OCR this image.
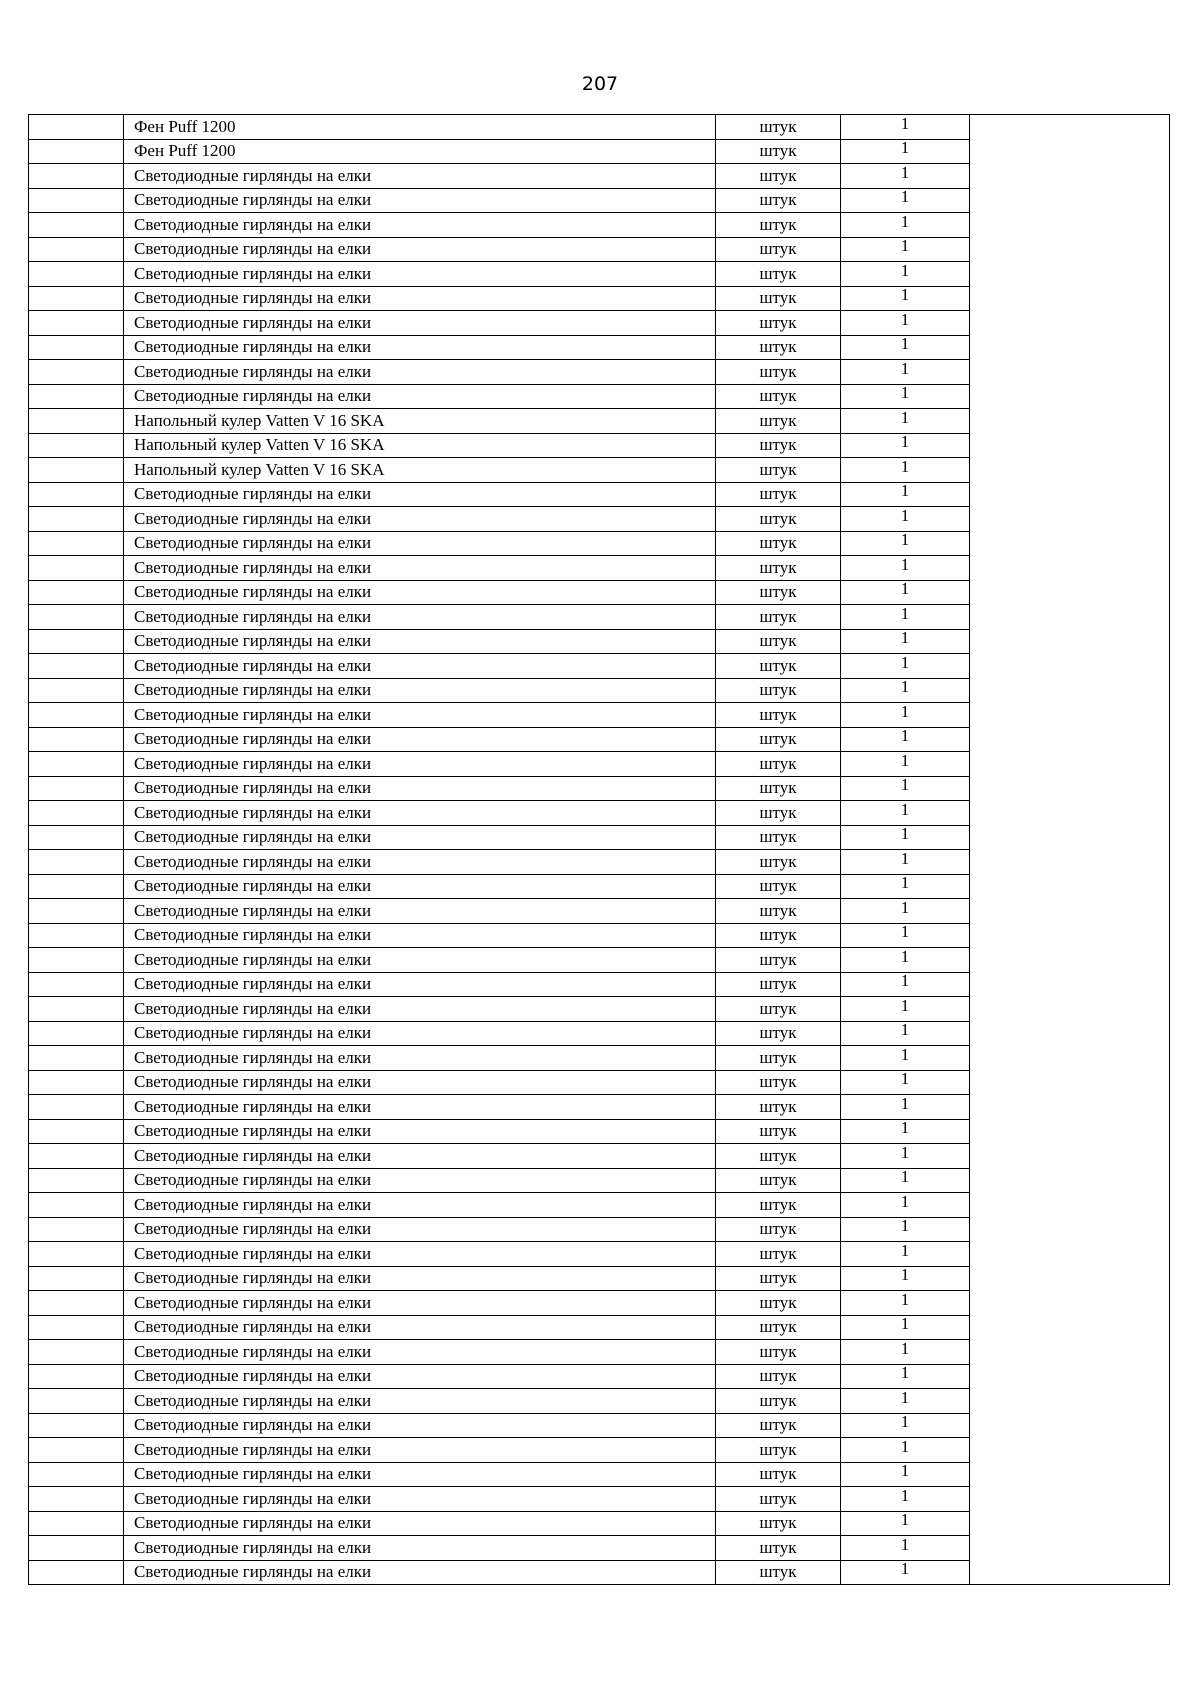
207
	Фен Puff 1200	штук	1	
	Фен Puff 1200	штук	1	
	Светодиодные гирлянды на елки	штук	1	
	Светодиодные гирлянды на елки	штук	1	
	Светодиодные гирлянды на елки	штук	1	
	Светодиодные гирлянды на елки	штук	1	
	Светодиодные гирлянды на елки	штук	1	
	Светодиодные гирлянды на елки	штук	1	
	Светодиодные гирлянды на елки	штук	1	
	Светодиодные гирлянды на елки	штук	1	
	Светодиодные гирлянды на елки	штук	1	
	Светодиодные гирлянды на елки	штук	1	
	Напольный кулер Vatten V 16 SKA	штук	1	
	Напольный кулер Vatten V 16 SKA	штук	1	
	Напольный кулер Vatten V 16 SKA	штук	1	
	Светодиодные гирлянды на елки	штук	1	
	Светодиодные гирлянды на елки	штук	1	
	Светодиодные гирлянды на елки	штук	1	
	Светодиодные гирлянды на елки	штук	1	
	Светодиодные гирлянды на елки	штук	1	
	Светодиодные гирлянды на елки	штук	1	
	Светодиодные гирлянды на елки	штук	1	
	Светодиодные гирлянды на елки	штук	1	
	Светодиодные гирлянды на елки	штук	1	
	Светодиодные гирлянды на елки	штук	1	
	Светодиодные гирлянды на елки	штук	1	
	Светодиодные гирлянды на елки	штук	1	
	Светодиодные гирлянды на елки	штук	1	
	Светодиодные гирлянды на елки	штук	1	
	Светодиодные гирлянды на елки	штук	1	
	Светодиодные гирлянды на елки	штук	1	
	Светодиодные гирлянды на елки	штук	1	
	Светодиодные гирлянды на елки	штук	1	
	Светодиодные гирлянды на елки	штук	1	
	Светодиодные гирлянды на елки	штук	1	
	Светодиодные гирлянды на елки	штук	1	
	Светодиодные гирлянды на елки	штук	1	
	Светодиодные гирлянды на елки	штук	1	
	Светодиодные гирлянды на елки	штук	1	
	Светодиодные гирлянды на елки	штук	1	
	Светодиодные гирлянды на елки	штук	1	
	Светодиодные гирлянды на елки	штук	1	
	Светодиодные гирлянды на елки	штук	1	
	Светодиодные гирлянды на елки	штук	1	
	Светодиодные гирлянды на елки	штук	1	
	Светодиодные гирлянды на елки	штук	1	
	Светодиодные гирлянды на елки	штук	1	
	Светодиодные гирлянды на елки	штук	1	
	Светодиодные гирлянды на елки	штук	1	
	Светодиодные гирлянды на елки	штук	1	
	Светодиодные гирлянды на елки	штук	1	
	Светодиодные гирлянды на елки	штук	1	
	Светодиодные гирлянды на елки	штук	1	
	Светодиодные гирлянды на елки	штук	1	
	Светодиодные гирлянды на елки	штук	1	
	Светодиодные гирлянды на елки	штук	1	
	Светодиодные гирлянды на елки	штук	1	
	Светодиодные гирлянды на елки	штук	1	
	Светодиодные гирлянды на елки	штук	1	
	Светодиодные гирлянды на елки	штук	1	
